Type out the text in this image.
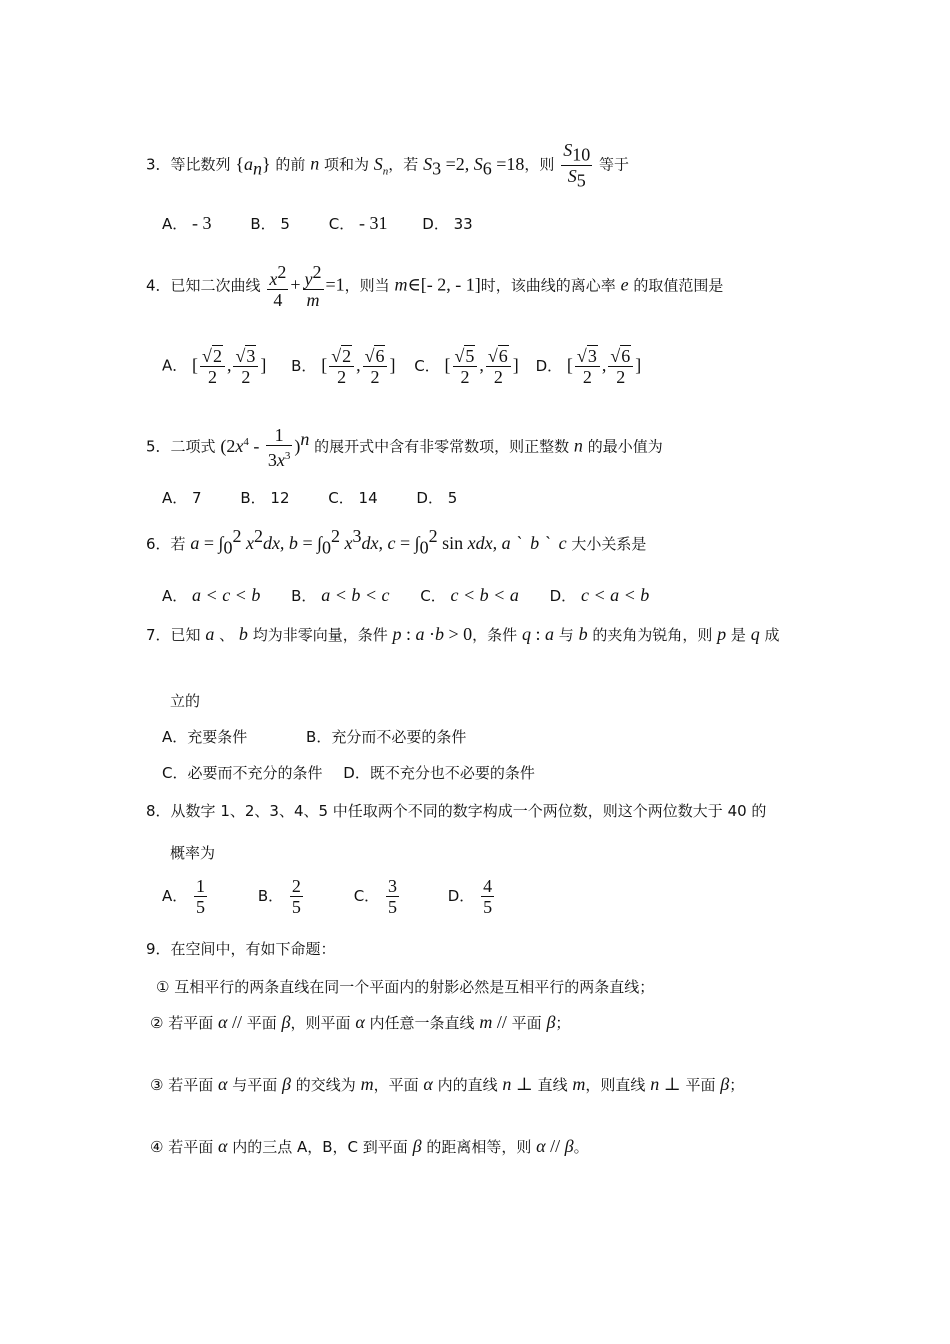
3．等比数列 $\{a_n\}$ 的前 n 项和为 $S_n$，若 $S_3 =2$, $S_6 =18$，则 $\frac{S_{10}}{S_5}$ 等于
A． - 3	B． 5	C． - 31 D． 33
4．已知二次曲线 $\frac{x^2}{4} + \frac{y^2}{m} =1$，则当 m∈[- 2, - 1]时，该曲线的离心率 e 的取值范围是
A． [ $\frac{√2}{2}$ , $\frac{√3}{2}$ ] B． [ $\frac{√2}{2}$ , $\frac{√6}{2}$ ] C． [ $\frac{√5}{2}$ , $\frac{√6}{2}$ ] D． [ $\frac{√3}{2}$ , $\frac{√6}{2}$ ]
5．二项式 $(2x^4 - \frac{1}{3x^3} )^n$ 的展开式中含有非零常数项，则正整数 n 的最小值为
A． 7	B． 12	C． 14	D． 5
6．若 $a = \int_0^2$ $x^2dx$, $b = \int_0^2$ $x^3dx$, $c = \int_0^2$ sin xdx, a `  b `  c 大小关系是
A． a < c < b B． a < b < c C． c < b < a D． c < a < b
7．已知 a 、 b 均为非零向量，条件 p : a ·b > 0，条件 q : a 与 b 的夹角为锐角，则 p 是 q 成
立的
A．充要条件	B．充分而不必要的条件
C．必要而不充分的条件 D．既不充分也不必要的条件
8．从数字 1、2、3、4、5 中任取两个不同的数字构成一个两位数，则这个两位数大于 40 的
概率为
A． $\frac{1}{5}$	B． $\frac{2}{5}$	C． $\frac{3}{5}$	D． $\frac{4}{5}$
9．在空间中，有如下命题：
① 互相平行的两条直线在同一个平面内的射影必然是互相平行的两条直线；
② 若平面 α // 平面 β，则平面 α 内任意一条直线 m // 平面 β；
③ 若平面 α 与平面 β 的交线为 m，平面 α 内的直线 n ⊥ 直线 m，则直线 n ⊥ 平面 β；
④ 若平面 α 内的三点 A，B，C 到平面 β 的距离相等，则 α // β。
